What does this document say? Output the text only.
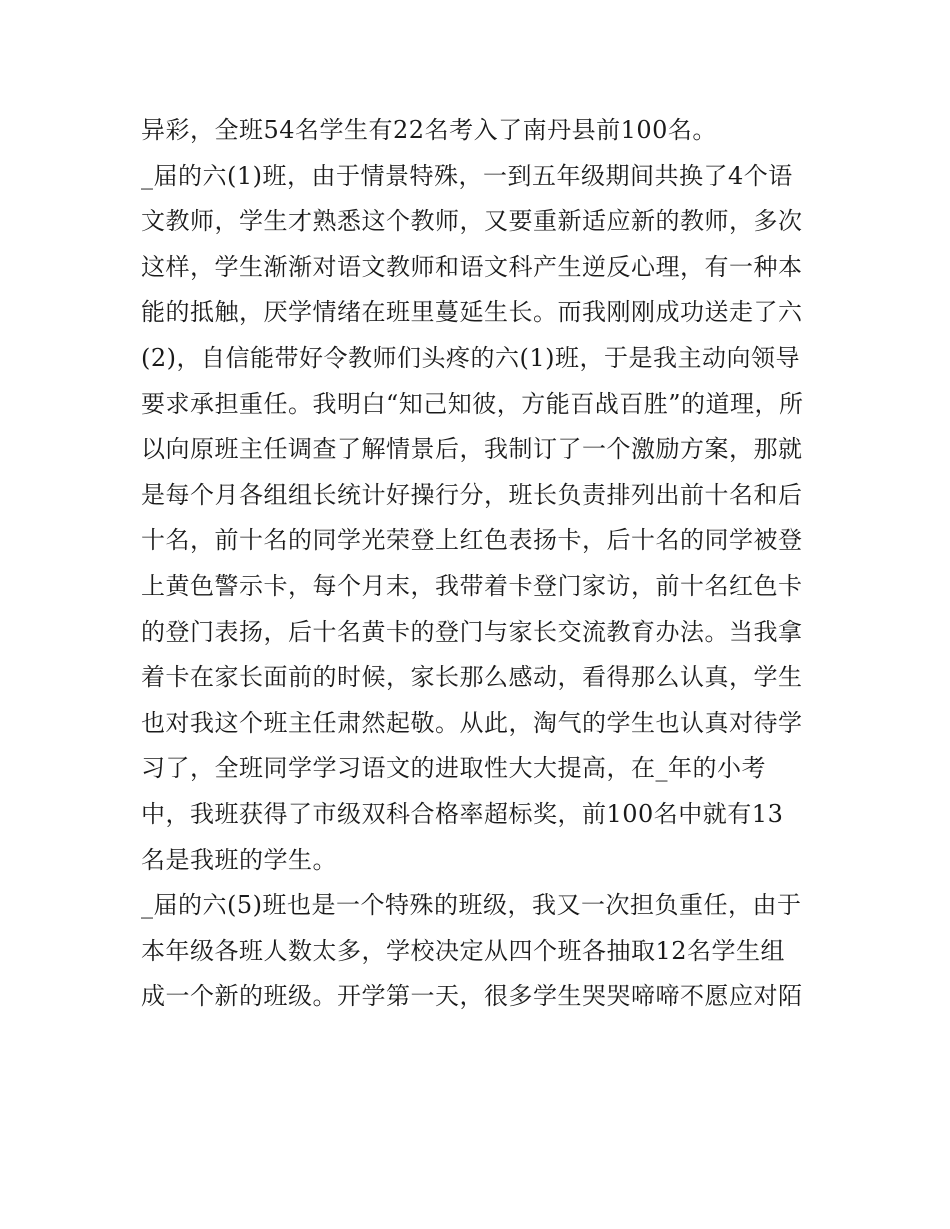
异彩，全班54名学生有22名考入了南丹县前100名。
_届的六(1)班，由于情景特殊，一到五年级期间共换了4个语
文教师，学生才熟悉这个教师，又要重新适应新的教师，多次
这样，学生渐渐对语文教师和语文科产生逆反心理，有一种本
能的抵触，厌学情绪在班里蔓延生长。而我刚刚成功送走了六
(2)，自信能带好令教师们头疼的六(1)班，于是我主动向领导
要求承担重任。我明白“知己知彼，方能百战百胜”的道理，所
以向原班主任调查了解情景后，我制订了一个激励方案，那就
是每个月各组组长统计好操行分，班长负责排列出前十名和后
十名，前十名的同学光荣登上红色表扬卡，后十名的同学被登
上黄色警示卡，每个月末，我带着卡登门家访，前十名红色卡
的登门表扬，后十名黄卡的登门与家长交流教育办法。当我拿
着卡在家长面前的时候，家长那么感动，看得那么认真，学生
也对我这个班主任肃然起敬。从此，淘气的学生也认真对待学
习了，全班同学学习语文的进取性大大提高，在_年的小考
中，我班获得了市级双科合格率超标奖，前100名中就有13
名是我班的学生。
_届的六(5)班也是一个特殊的班级，我又一次担负重任，由于
本年级各班人数太多，学校决定从四个班各抽取12名学生组
成一个新的班级。开学第一天，很多学生哭哭啼啼不愿应对陌
